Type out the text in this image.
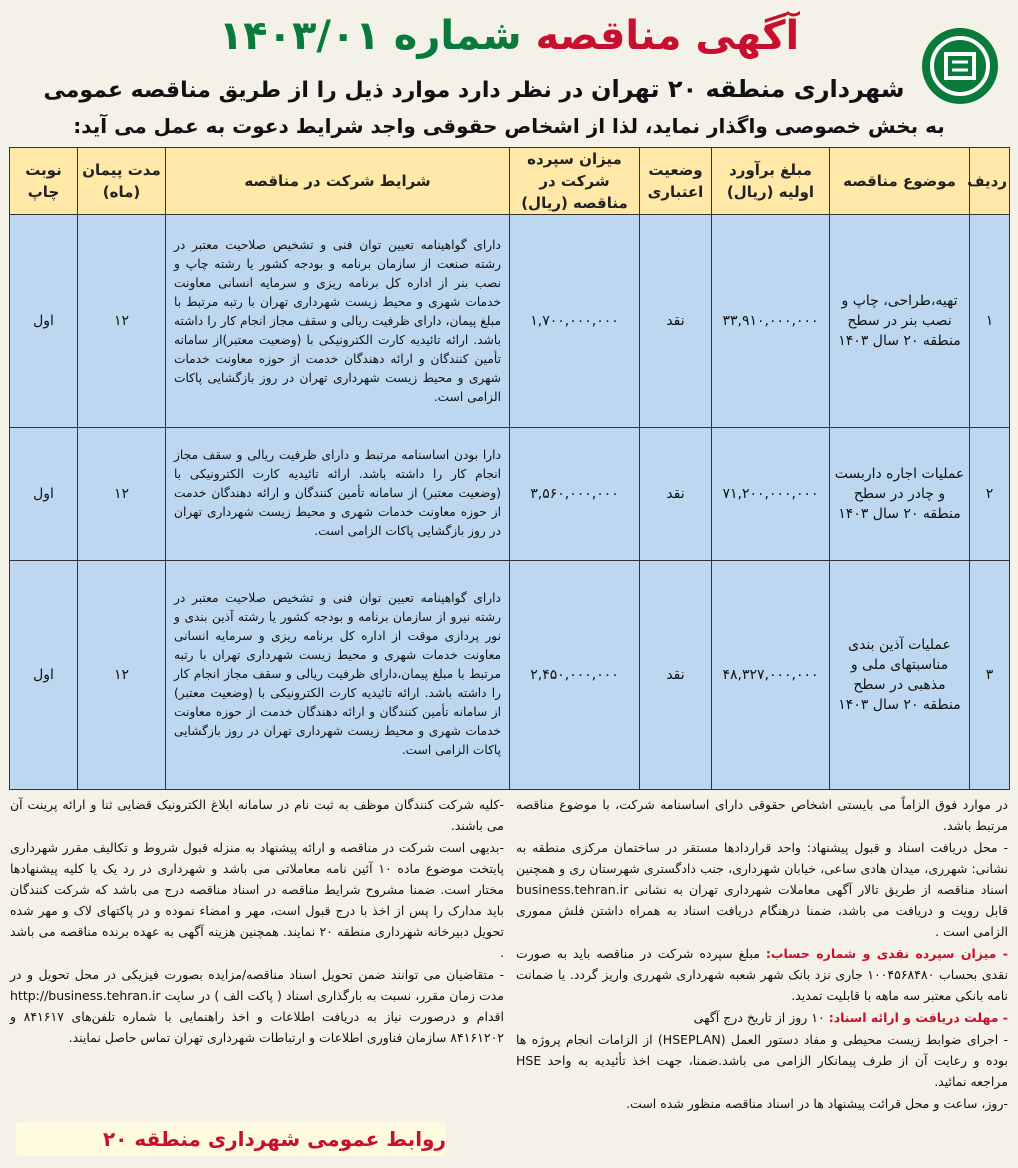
آگهی مناقصه شماره ۱۴۰۳/۰۱
شهرداری منطقه ۲۰ تهران در نظر دارد موارد ذیل را از طریق مناقصه عمومی
به بخش خصوصی واگذار نماید، لذا از اشخاص حقوقی واجد شرایط دعوت به عمل می آید:
ردیف	موضوع مناقصه	مبلغ برآورد اولیه (ریال)	وضعیت اعتباری	میزان سپرده شرکت در مناقصه (ریال)	شرایط شرکت در مناقصه	مدت پیمان (ماه)	نوبت چاپ
۱	تهیه،طراحی، چاپ و نصب بنر در سطح منطقه ۲۰ سال ۱۴۰۳	۳۳,۹۱۰,۰۰۰,۰۰۰	نقد	۱,۷۰۰,۰۰۰,۰۰۰	دارای گواهینامه تعیین توان فنی و تشخیص صلاحیت معتبر در رشته صنعت از سازمان برنامه و بودجه کشور یا رشته چاپ و نصب بنر از اداره کل برنامه ریزی و سرمایه انسانی معاونت خدمات شهری و محیط زیست شهرداری تهران با رتبه مرتبط با مبلغ پیمان، دارای ظرفیت ریالی و سقف مجاز انجام کار را داشته باشد. ارائه تائیدیه کارت الکترونیکی با (وضعیت معتبر)از سامانه تأمین کنندگان و ارائه دهندگان خدمت از حوزه معاونت خدمات شهری و محیط زیست شهرداری تهران در روز بازگشایی پاکات الزامی است.	۱۲	اول
۲	عملیات اجاره داربست و چادر در سطح منطقه ۲۰ سال ۱۴۰۳	۷۱,۲۰۰,۰۰۰,۰۰۰	نقد	۳,۵۶۰,۰۰۰,۰۰۰	دارا بودن اساسنامه مرتبط و دارای ظرفیت ریالی و سقف مجاز انجام کار را داشته باشد. ارائه تائیدیه کارت الکترونیکی با (وضعیت معتبر) از سامانه تأمین کنندگان و ارائه دهندگان خدمت از حوزه معاونت خدمات شهری و محیط زیست شهرداری تهران در روز بازگشایی پاکات الزامی است.	۱۲	اول
۳	عملیات آذین بندی مناسبتهای ملی و مذهبی در سطح منطقه ۲۰ سال ۱۴۰۳	۴۸,۳۲۷,۰۰۰,۰۰۰	نقد	۲,۴۵۰,۰۰۰,۰۰۰	دارای گواهینامه تعیین توان فنی و تشخیص صلاحیت معتبر در رشته نیرو از سازمان برنامه و بودجه کشور یا رشته آذین بندی و نور پردازی موقت از اداره کل برنامه ریزی و سرمایه انسانی معاونت خدمات شهری و محیط زیست شهرداری تهران با رتبه مرتبط با مبلغ پیمان،دارای ظرفیت ریالی و سقف مجاز انجام کار را داشته باشد. ارائه تائیدیه کارت الکترونیکی با (وضعیت معتبر) از سامانه تأمین کنندگان و ارائه دهندگان خدمت از حوزه معاونت خدمات شهری و محیط زیست شهرداری تهران در روز بازگشایی پاکات الزامی است.	۱۲	اول

در موارد فوق الزاماً می بایستی اشخاص حقوقی دارای اساسنامه شرکت، با موضوع مناقصه مرتبط باشد.

- محل دریافت اسناد و قبول پیشنهاد: واحد قراردادها مستقر در ساختمان مرکزی منطقه به نشانی: شهرری، میدان هادی ساعی، خیابان شهرداری، جنب دادگستری شهرستان ری و همچنین اسناد مناقصه از طریق تالار آگهی معاملات شهرداری تهران به نشانی business.tehran.ir قابل رویت و دریافت می باشد، ضمنا درهنگام دریافت اسناد به همراه داشتن فلش مموری الزامی است .

- میزان سپرده نقدی و شماره حساب: مبلغ سپرده شرکت در مناقصه باید به صورت نقدی بحساب ۱۰۰۴۵۶۸۴۸۰ جاری نزد بانک شهر شعبه شهرداری شهرری واریز گردد. یا ضمانت نامه بانکی معتبر سه ماهه با قابلیت تمدید.

- مهلت دریافت و ارائه اسناد: ۱۰ روز از تاریخ درج آگهی

- اجرای ضوابط زیست محیطی و مفاد دستور العمل (HSEPLAN) از الزامات انجام پروژه ها بوده و رعایت آن از طرف پیمانکار الزامی می باشد.ضمنا، جهت اخذ تأئیدیه به واحد HSE مراجعه نمائید.

-روز، ساعت و محل قرائت پیشنهاد ها در اسناد مناقصه منظور شده است.

-کلیه شرکت کنندگان موظف به ثبت نام در سامانه ابلاغ الکترونیک قضایی ثنا و ارائه پرینت آن می باشند.

-بدیهی است شرکت در مناقصه و ارائه پیشنهاد به منزله قبول شروط و تکالیف مقرر شهرداری پایتخت موضوع ماده ۱۰ آئین نامه معاملاتی می باشد و شهرداری در رد یک یا کلیه پیشنهادها مختار است. ضمنا مشروح شرایط مناقصه در اسناد مناقصه درج می باشد که شرکت کنندگان باید مدارک را پس از اخذ با درج قبول است، مهر و امضاء نموده و در پاکتهای لاک و مهر شده تحویل دبیرخانه شهرداری منطقه ۲۰ نمایند. همچنین هزینه آگهی به عهده برنده مناقصه می باشد .

- متقاضیان می توانند ضمن تحویل اسناد مناقصه/مزایده بصورت فیزیکی در محل تحویل و در مدت زمان مقرر، نسبت به بارگذاری اسناد ( پاکت الف ) در سایت http://business.tehran.ir اقدام و درصورت نیاز به دریافت اطلاعات و اخذ راهنمایی با شماره تلفن‌های ۸۴۱۶۱۷ و ۸۴۱۶۱۲۰۲ سازمان فناوری اطلاعات و ارتباطات شهرداری تهران تماس حاصل نمایند.

روابط عمومی شهرداری منطقه ۲۰
